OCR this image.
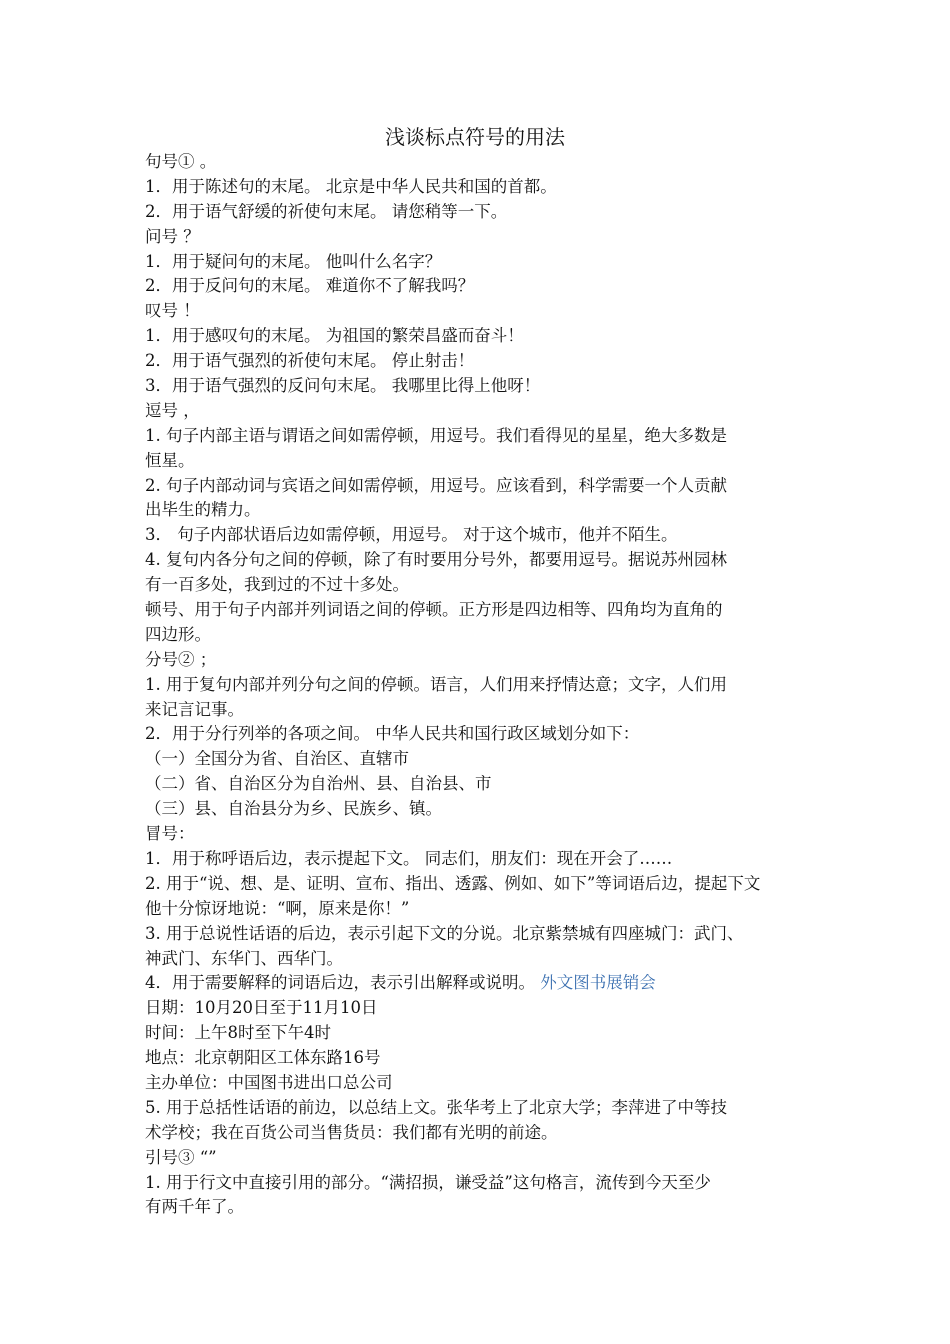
浅谈标点符号的用法
句号① 。
1．用于陈述句的末尾。 北京是中华人民共和国的首都。
2．用于语气舒缓的祈使句末尾。 请您稍等一下。
问号 ？
1．用于疑问句的末尾。 他叫什么名字？
2．用于反问句的末尾。 难道你不了解我吗？
叹号 ！
1．用于感叹句的末尾。 为祖国的繁荣昌盛而奋斗！
2．用于语气强烈的祈使句末尾。 停止射击！
3．用于语气强烈的反问句末尾。 我哪里比得上他呀！
逗号 ，
1. 句子内部主语与谓语之间如需停顿，用逗号。我们看得见的星星，绝大多数是
恒星。
2. 句子内部动词与宾语之间如需停顿，用逗号。应该看到，科学需要一个人贡献
出毕生的精力。
3． 句子内部状语后边如需停顿，用逗号。 对于这个城市，他并不陌生。
4. 复句内各分句之间的停顿，除了有时要用分号外，都要用逗号。据说苏州园林
有一百多处，我到过的不过十多处。
顿号、用于句子内部并列词语之间的停顿。正方形是四边相等、四角均为直角的
四边形。
分号② ；
1. 用于复句内部并列分句之间的停顿。语言，人们用来抒情达意；文字，人们用
来记言记事。
2．用于分行列举的各项之间。 中华人民共和国行政区域划分如下：
（一）全国分为省、自治区、直辖市
（二）省、自治区分为自治州、县、自治县、市
（三）县、自治县分为乡、民族乡、镇。
冒号：
1．用于称呼语后边，表示提起下文。 同志们，朋友们：现在开会了……
2. 用于“说、想、是、证明、宣布、指出、透露、例如、如下”等词语后边，提起下文
他十分惊讶地说：“啊，原来是你！”
3. 用于总说性话语的后边，表示引起下文的分说。北京紫禁城有四座城门：武门、
神武门、东华门、西华门。
4．用于需要解释的词语后边，表示引出解释或说明。 外文图书展销会
日期：10月20日至于11月10日
时间：上午8时至下午4时
地点：北京朝阳区工体东路16号
主办单位：中国图书进出口总公司
5. 用于总括性话语的前边，以总结上文。张华考上了北京大学；李萍进了中等技
术学校；我在百货公司当售货员：我们都有光明的前途。
引号③ “”
1. 用于行文中直接引用的部分。“满招损，谦受益”这句格言，流传到今天至少
有两千年了。
